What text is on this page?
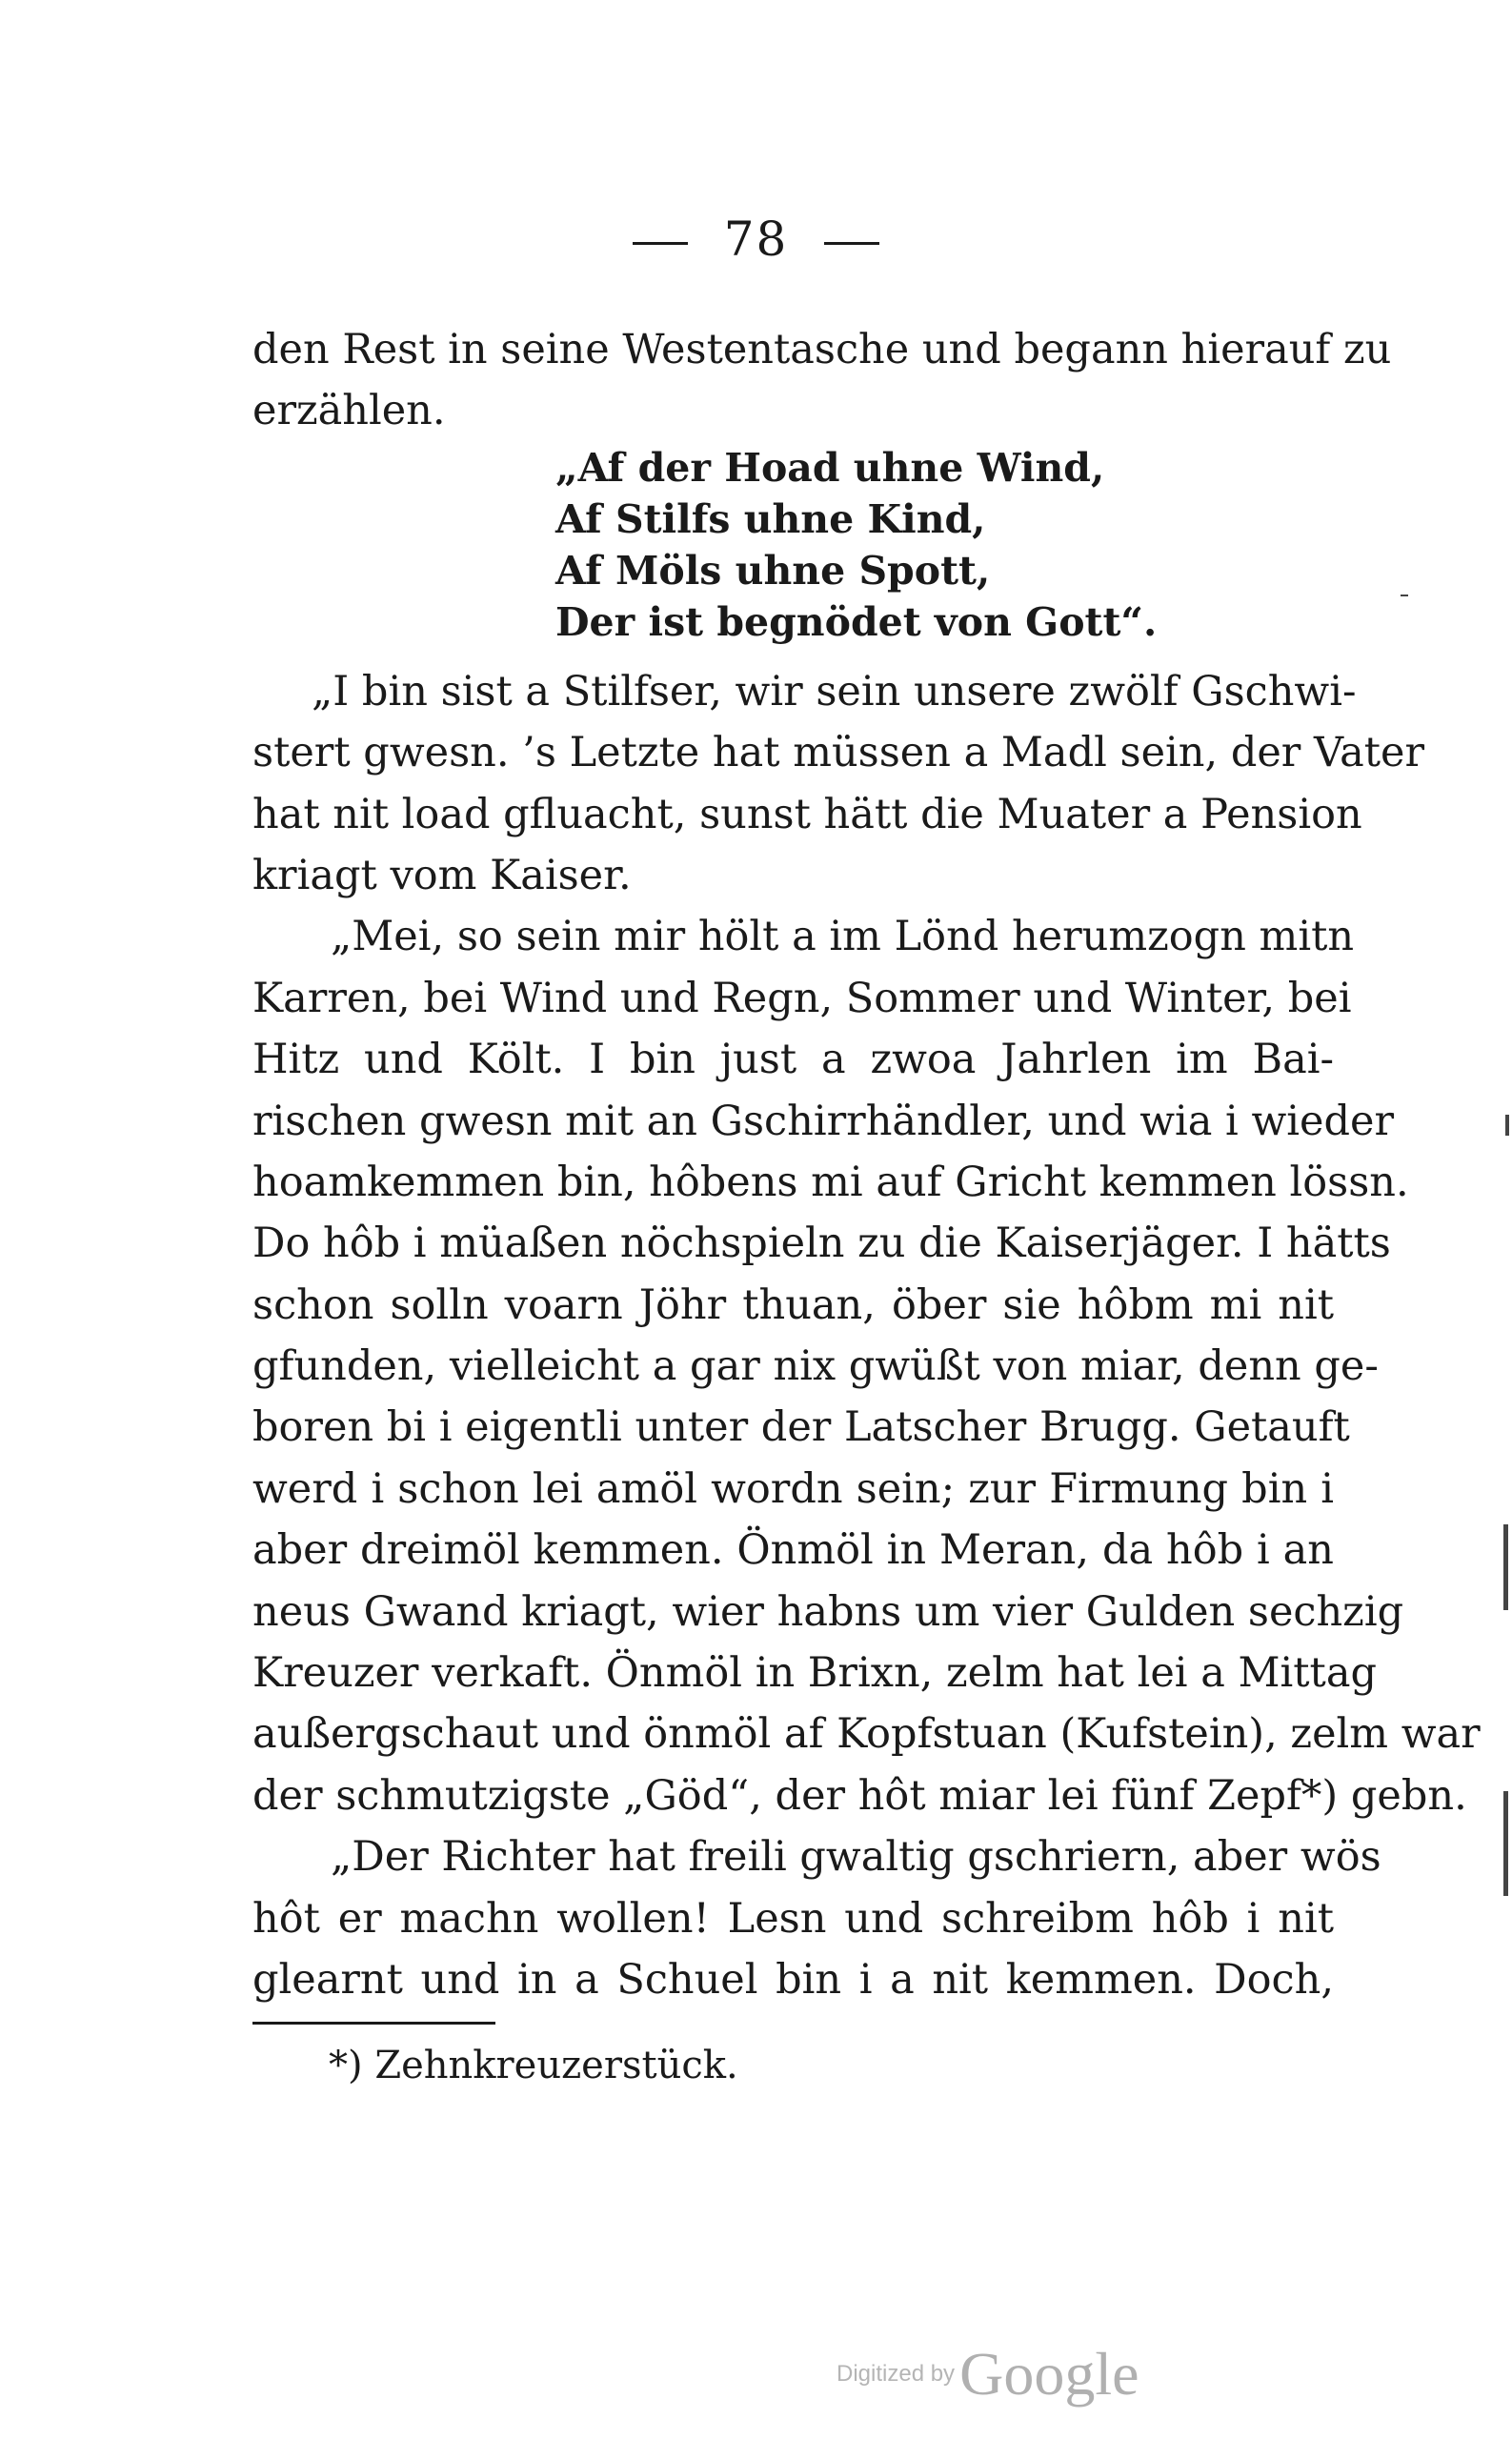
78
den Rest in seine Westentasche und begann hierauf zu
erzählen.
„Af der Hoad uhne Wind,
Af Stilfs uhne Kind,
Af Möls uhne Spott,
Der ist begnödet von Gott“.
„I bin sist a Stilfser, wir sein unsere zwölf Gschwi-
stert gwesn. ’s Letzte hat müssen a Madl sein, der Vater
hat nit load gfluacht, sunst hätt die Muater a Pension
kriagt vom Kaiser.
„Mei, so sein mir hölt a im Lönd herumzogn mitn
Karren, bei Wind und Regn, Sommer und Winter, bei
Hitz und Költ. I bin just a zwoa Jahrlen im Bai-
rischen gwesn mit an Gschirrhändler, und wia i wieder
hoamkemmen bin, hôbens mi auf Gricht kemmen lössn.
Do hôb i müaßen nöchspieln zu die Kaiserjäger. I hätts
schon solln voarn Jöhr thuan, öber sie hôbm mi nit
gfunden, vielleicht a gar nix gwüßt von miar, denn ge-
boren bi i eigentli unter der Latscher Brugg. Getauft
werd i schon lei amöl wordn sein; zur Firmung bin i
aber dreimöl kemmen. Önmöl in Meran, da hôb i an
neus Gwand kriagt, wier habns um vier Gulden sechzig
Kreuzer verkaft. Önmöl in Brixn, zelm hat lei a Mittag
außergschaut und önmöl af Kopfstuan (Kufstein), zelm war
der schmutzigste „Göd“, der hôt miar lei fünf Zepf*) gebn.
„Der Richter hat freili gwaltig gschriern, aber wös
hôt er machn wollen! Lesn und schreibm hôb i nit
glearnt und in a Schuel bin i a nit kemmen. Doch,
*) Zehnkreuzerstück.
Digitized by Google
